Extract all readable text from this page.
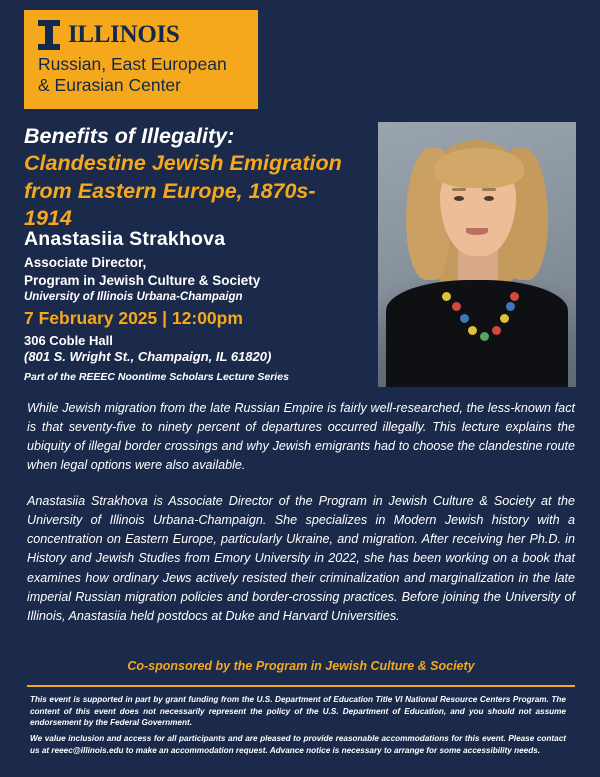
ILLINOIS
Russian, East European
& Eurasian Center
Benefits of Illegality:
Clandestine Jewish Emigration from Eastern Europe, 1870s-1914
Anastasiia Strakhova
Associate Director,
Program in Jewish Culture & Society
University of Illinois Urbana-Champaign
7 February 2025 | 12:00pm
306 Coble Hall
(801 S. Wright St., Champaign, IL 61820)
Part of the REEEC Noontime Scholars Lecture Series
While Jewish migration from the late Russian Empire is fairly well-researched, the less-known fact is that seventy-five to ninety percent of departures occurred illegally. This lecture explains the ubiquity of illegal border crossings and why Jewish emigrants had to choose the clandestine route when legal options were also available.
Anastasiia Strakhova is Associate Director of the Program in Jewish Culture & Society at the University of Illinois Urbana-Champaign. She specializes in Modern Jewish history with a concentration on Eastern Europe, particularly Ukraine, and migration. After receiving her Ph.D. in History and Jewish Studies from Emory University in 2022, she has been working on a book that examines how ordinary Jews actively resisted their criminalization and marginalization in the late imperial Russian migration policies and border-crossing practices. Before joining the University of Illinois, Anastasiia held postdocs at Duke and Harvard Universities.
Co-sponsored by the Program in Jewish Culture & Society
This event is supported in part by grant funding from the U.S. Department of Education Title VI National Resource Centers Program. The content of this event does not necessarily represent the policy of the U.S. Department of Education, and you should not assume endorsement by the Federal Government.
We value inclusion and access for all participants and are pleased to provide reasonable accommodations for this event. Please contact us at reeec@illinois.edu to make an accommodation request. Advance notice is necessary to arrange for some accessibility needs.
